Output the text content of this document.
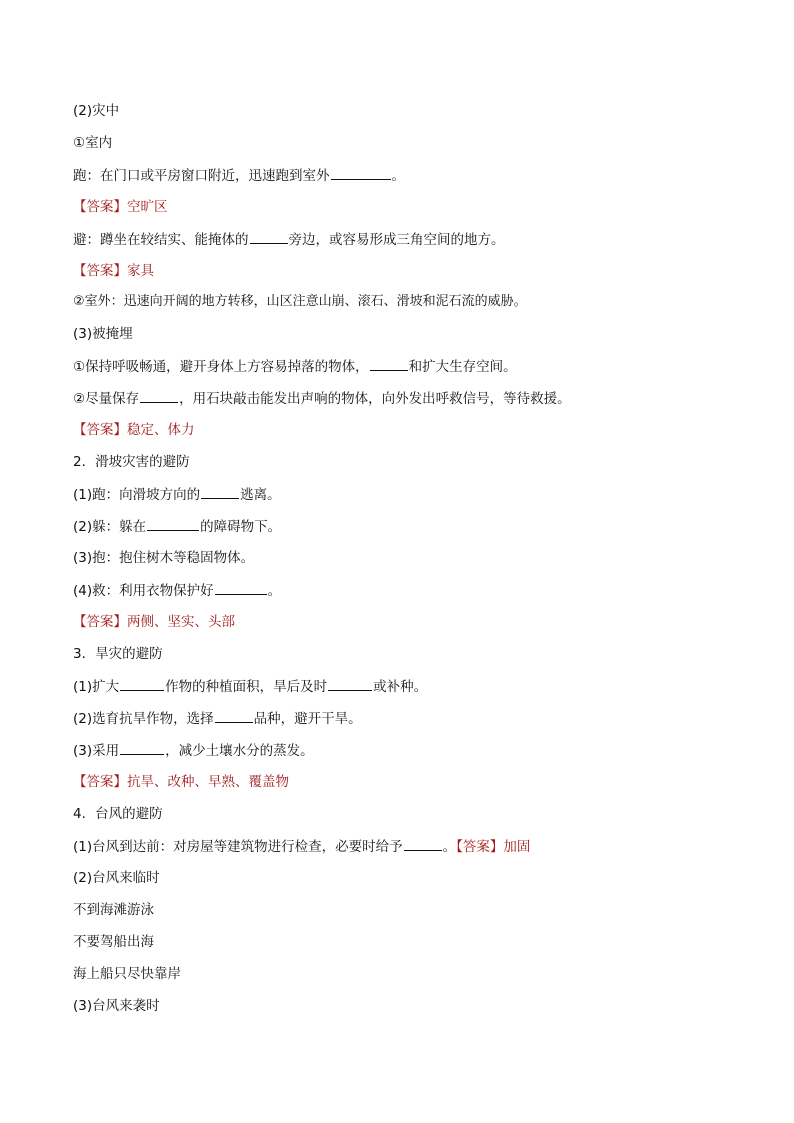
(2)灾中
①室内
跑：在门口或平房窗口附近，迅速跑到室外	。
【答案】空旷区
避：蹲坐在较结实、能掩体的	旁边，或容易形成三角空间的地方。
【答案】家具
②室外：迅速向开阔的地方转移，山区注意山崩、滚石、滑坡和泥石流的威胁。
(3)被掩埋
①保持呼吸畅通，避开身体上方容易掉落的物体，	和扩大生存空间。
②尽量保存	，用石块敲击能发出声响的物体，向外发出呼救信号，等待救援。
【答案】稳定、体力
2．滑坡灾害的避防
(1)跑：向滑坡方向的	逃离。
(2)躲：躲在	的障碍物下。
(3)抱：抱住树木等稳固物体。
(4)救：利用衣物保护好	。
【答案】两侧、坚实、头部
3．旱灾的避防
(1)扩大	作物的种植面积，旱后及时	或补种。
(2)选育抗旱作物，选择	品种，避开干旱。
(3)采用	，减少土壤水分的蒸发。
【答案】抗旱、改种、早熟、覆盖物
4．台风的避防
(1)台风到达前：对房屋等建筑物进行检查，必要时给予	。【答案】加固
(2)台风来临时
不到海滩游泳
不要驾船出海
海上船只尽快靠岸
(3)台风来袭时
